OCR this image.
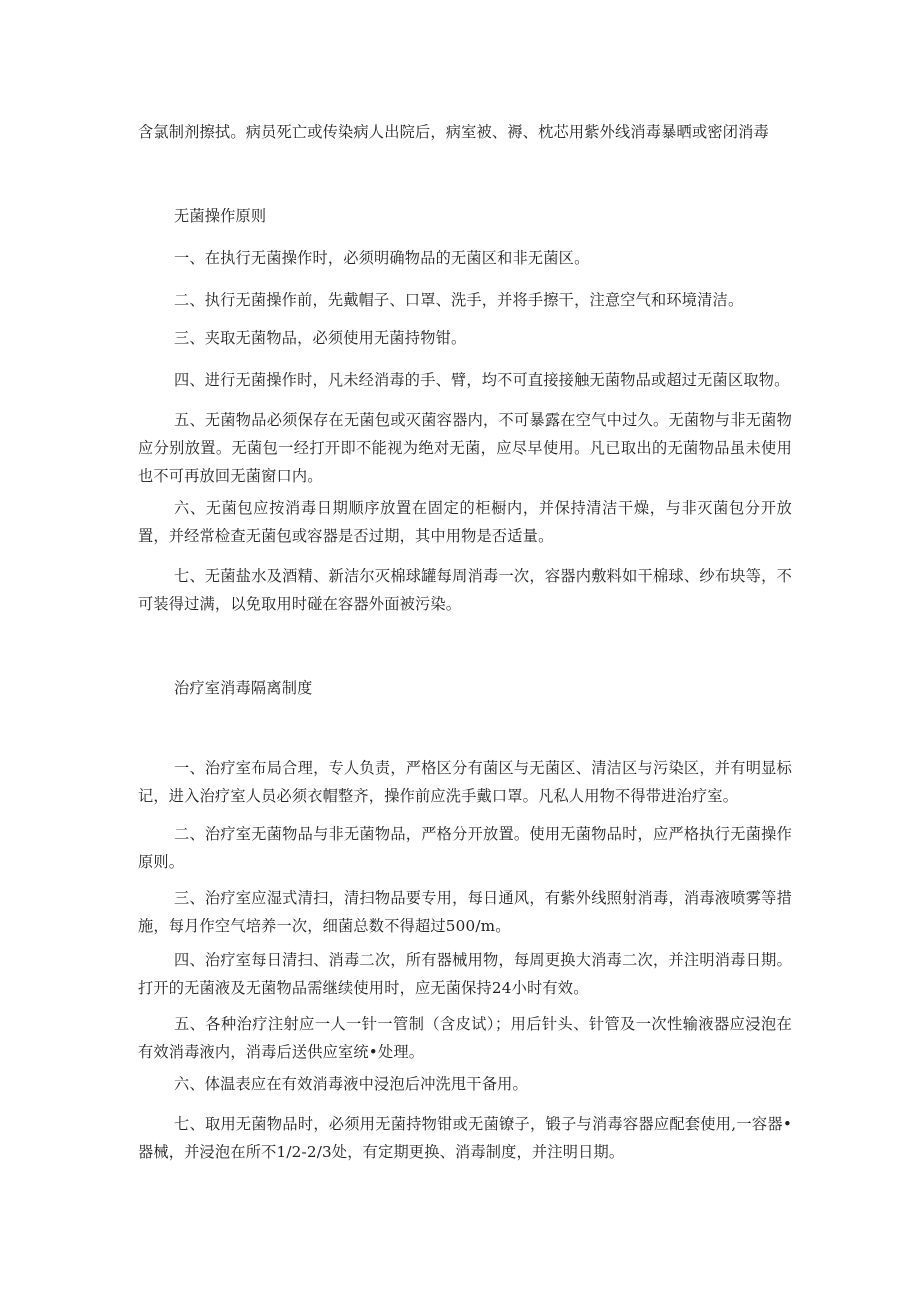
含氯制剂擦拭。病员死亡或传染病人出院后，病室被、褥、枕芯用紫外线消毒暴晒或密闭消毒

无菌操作原则

一、在执行无菌操作时，必须明确物品的无菌区和非无菌区。

二、执行无菌操作前，先戴帽子、口罩、洗手，并将手擦干，注意空气和环境清洁。

三、夹取无菌物品，必须使用无菌持物钳。

四、进行无菌操作时，凡未经消毒的手、臂，均不可直接接触无菌物品或超过无菌区取物。

五、无菌物品必须保存在无菌包或灭菌容器内，不可暴露在空气中过久。无菌物与非无菌物应分别放置。无菌包一经打开即不能视为绝对无菌，应尽早使用。凡已取出的无菌物品虽未使用也不可再放回无菌窗口内。

六、无菌包应按消毒日期顺序放置在固定的柜橱内，并保持清洁干燥，与非灭菌包分开放置，并经常检查无菌包或容器是否过期，其中用物是否适量。

七、无菌盐水及酒精、新洁尔灭棉球罐每周消毒一次，容器内敷料如干棉球、纱布块等，不可装得过满，以免取用时碰在容器外面被污染。

治疗室消毒隔离制度

一、治疗室布局合理，专人负责，严格区分有菌区与无菌区、清洁区与污染区，并有明显标记，进入治疗室人员必须衣帽整齐，操作前应洗手戴口罩。凡私人用物不得带进治疗室。

二、治疗室无菌物品与非无菌物品，严格分开放置。使用无菌物品时，应严格执行无菌操作原则。

三、治疗室应湿式清扫，清扫物品要专用，每日通风，有紫外线照射消毒，消毒液喷雾等措施，每月作空气培养一次，细菌总数不得超过500/m。

四、治疗室每日清扫、消毒二次，所有器械用物，每周更换大消毒二次，并注明消毒日期。打开的无菌液及无菌物品需继续使用时，应无菌保持24小时有效。

五、各种治疗注射应一人一针一管制（含皮试）；用后针头、针管及一次性输液器应浸泡在有效消毒液内，消毒后送供应室统•处理。

六、体温表应在有效消毒液中浸泡后冲洗甩干备用。

七、取用无菌物品时，必须用无菌持物钳或无菌镣子，锻子与消毒容器应配套使用,一容器•器械，并浸泡在所不1/2-2/3处，有定期更换、消毒制度，并注明日期。
